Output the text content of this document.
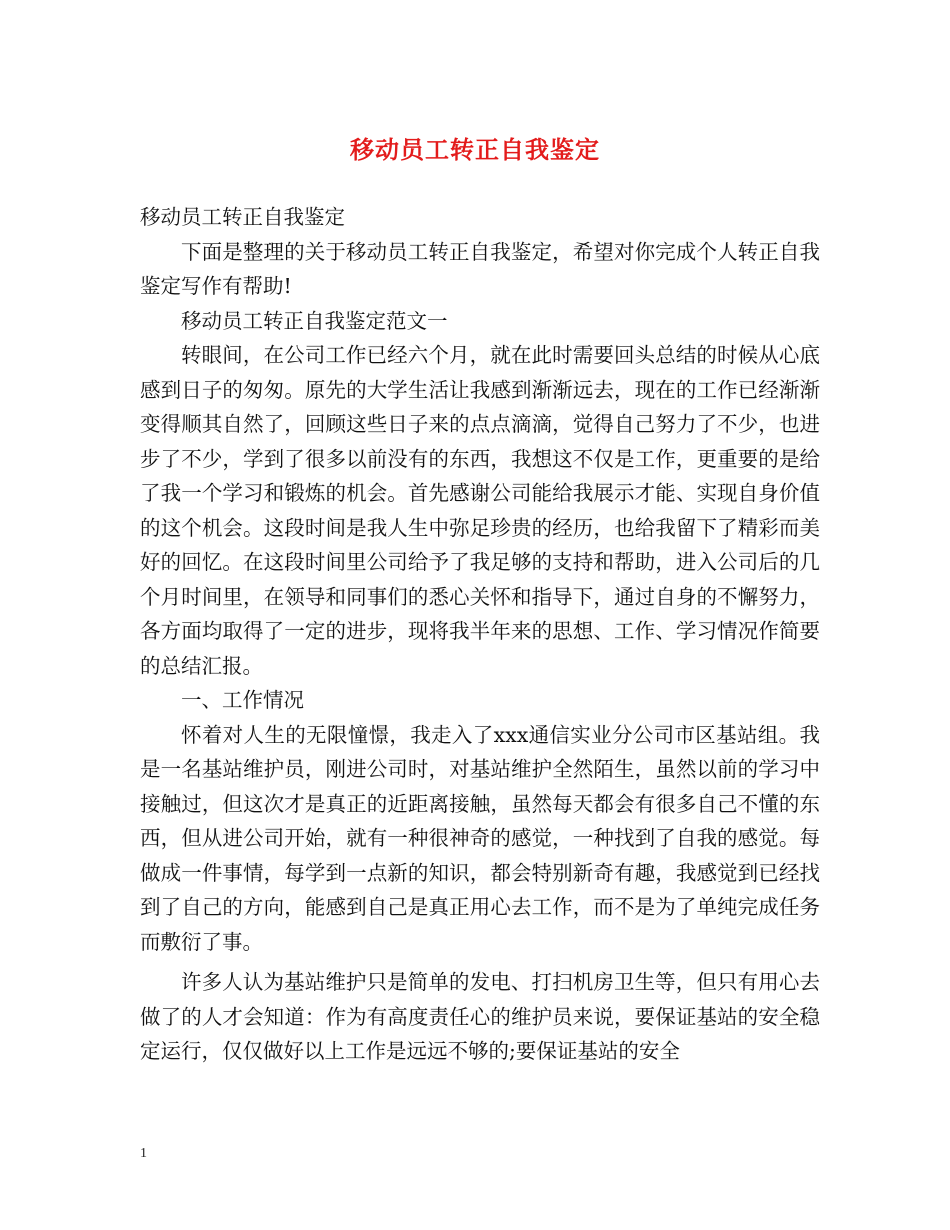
移动员工转正自我鉴定

移动员工转正自我鉴定

下面是整理的关于移动员工转正自我鉴定，希望对你完成个人转正自我鉴定写作有帮助!

移动员工转正自我鉴定范文一

转眼间，在公司工作已经六个月，就在此时需要回头总结的时候从心底感到日子的匆匆。原先的大学生活让我感到渐渐远去，现在的工作已经渐渐变得顺其自然了，回顾这些日子来的点点滴滴，觉得自己努力了不少，也进步了不少，学到了很多以前没有的东西，我想这不仅是工作，更重要的是给了我一个学习和锻炼的机会。首先感谢公司能给我展示才能、实现自身价值的这个机会。这段时间是我人生中弥足珍贵的经历，也给我留下了精彩而美好的回忆。在这段时间里公司给予了我足够的支持和帮助，进入公司后的几个月时间里，在领导和同事们的悉心关怀和指导下，通过自身的不懈努力，各方面均取得了一定的进步，现将我半年来的思想、工作、学习情况作简要的总结汇报。

一、工作情况

怀着对人生的无限憧憬，我走入了xxx通信实业分公司市区基站组。我是一名基站维护员，刚进公司时，对基站维护全然陌生，虽然以前的学习中接触过，但这次才是真正的近距离接触，虽然每天都会有很多自己不懂的东西，但从进公司开始，就有一种很神奇的感觉，一种找到了自我的感觉。每做成一件事情，每学到一点新的知识，都会特别新奇有趣，我感觉到已经找到了自己的方向，能感到自己是真正用心去工作，而不是为了单纯完成任务而敷衍了事。

许多人认为基站维护只是简单的发电、打扫机房卫生等，但只有用心去做了的人才会知道：作为有高度责任心的维护员来说，要保证基站的安全稳定运行，仅仅做好以上工作是远远不够的;要保证基站的安全

1
